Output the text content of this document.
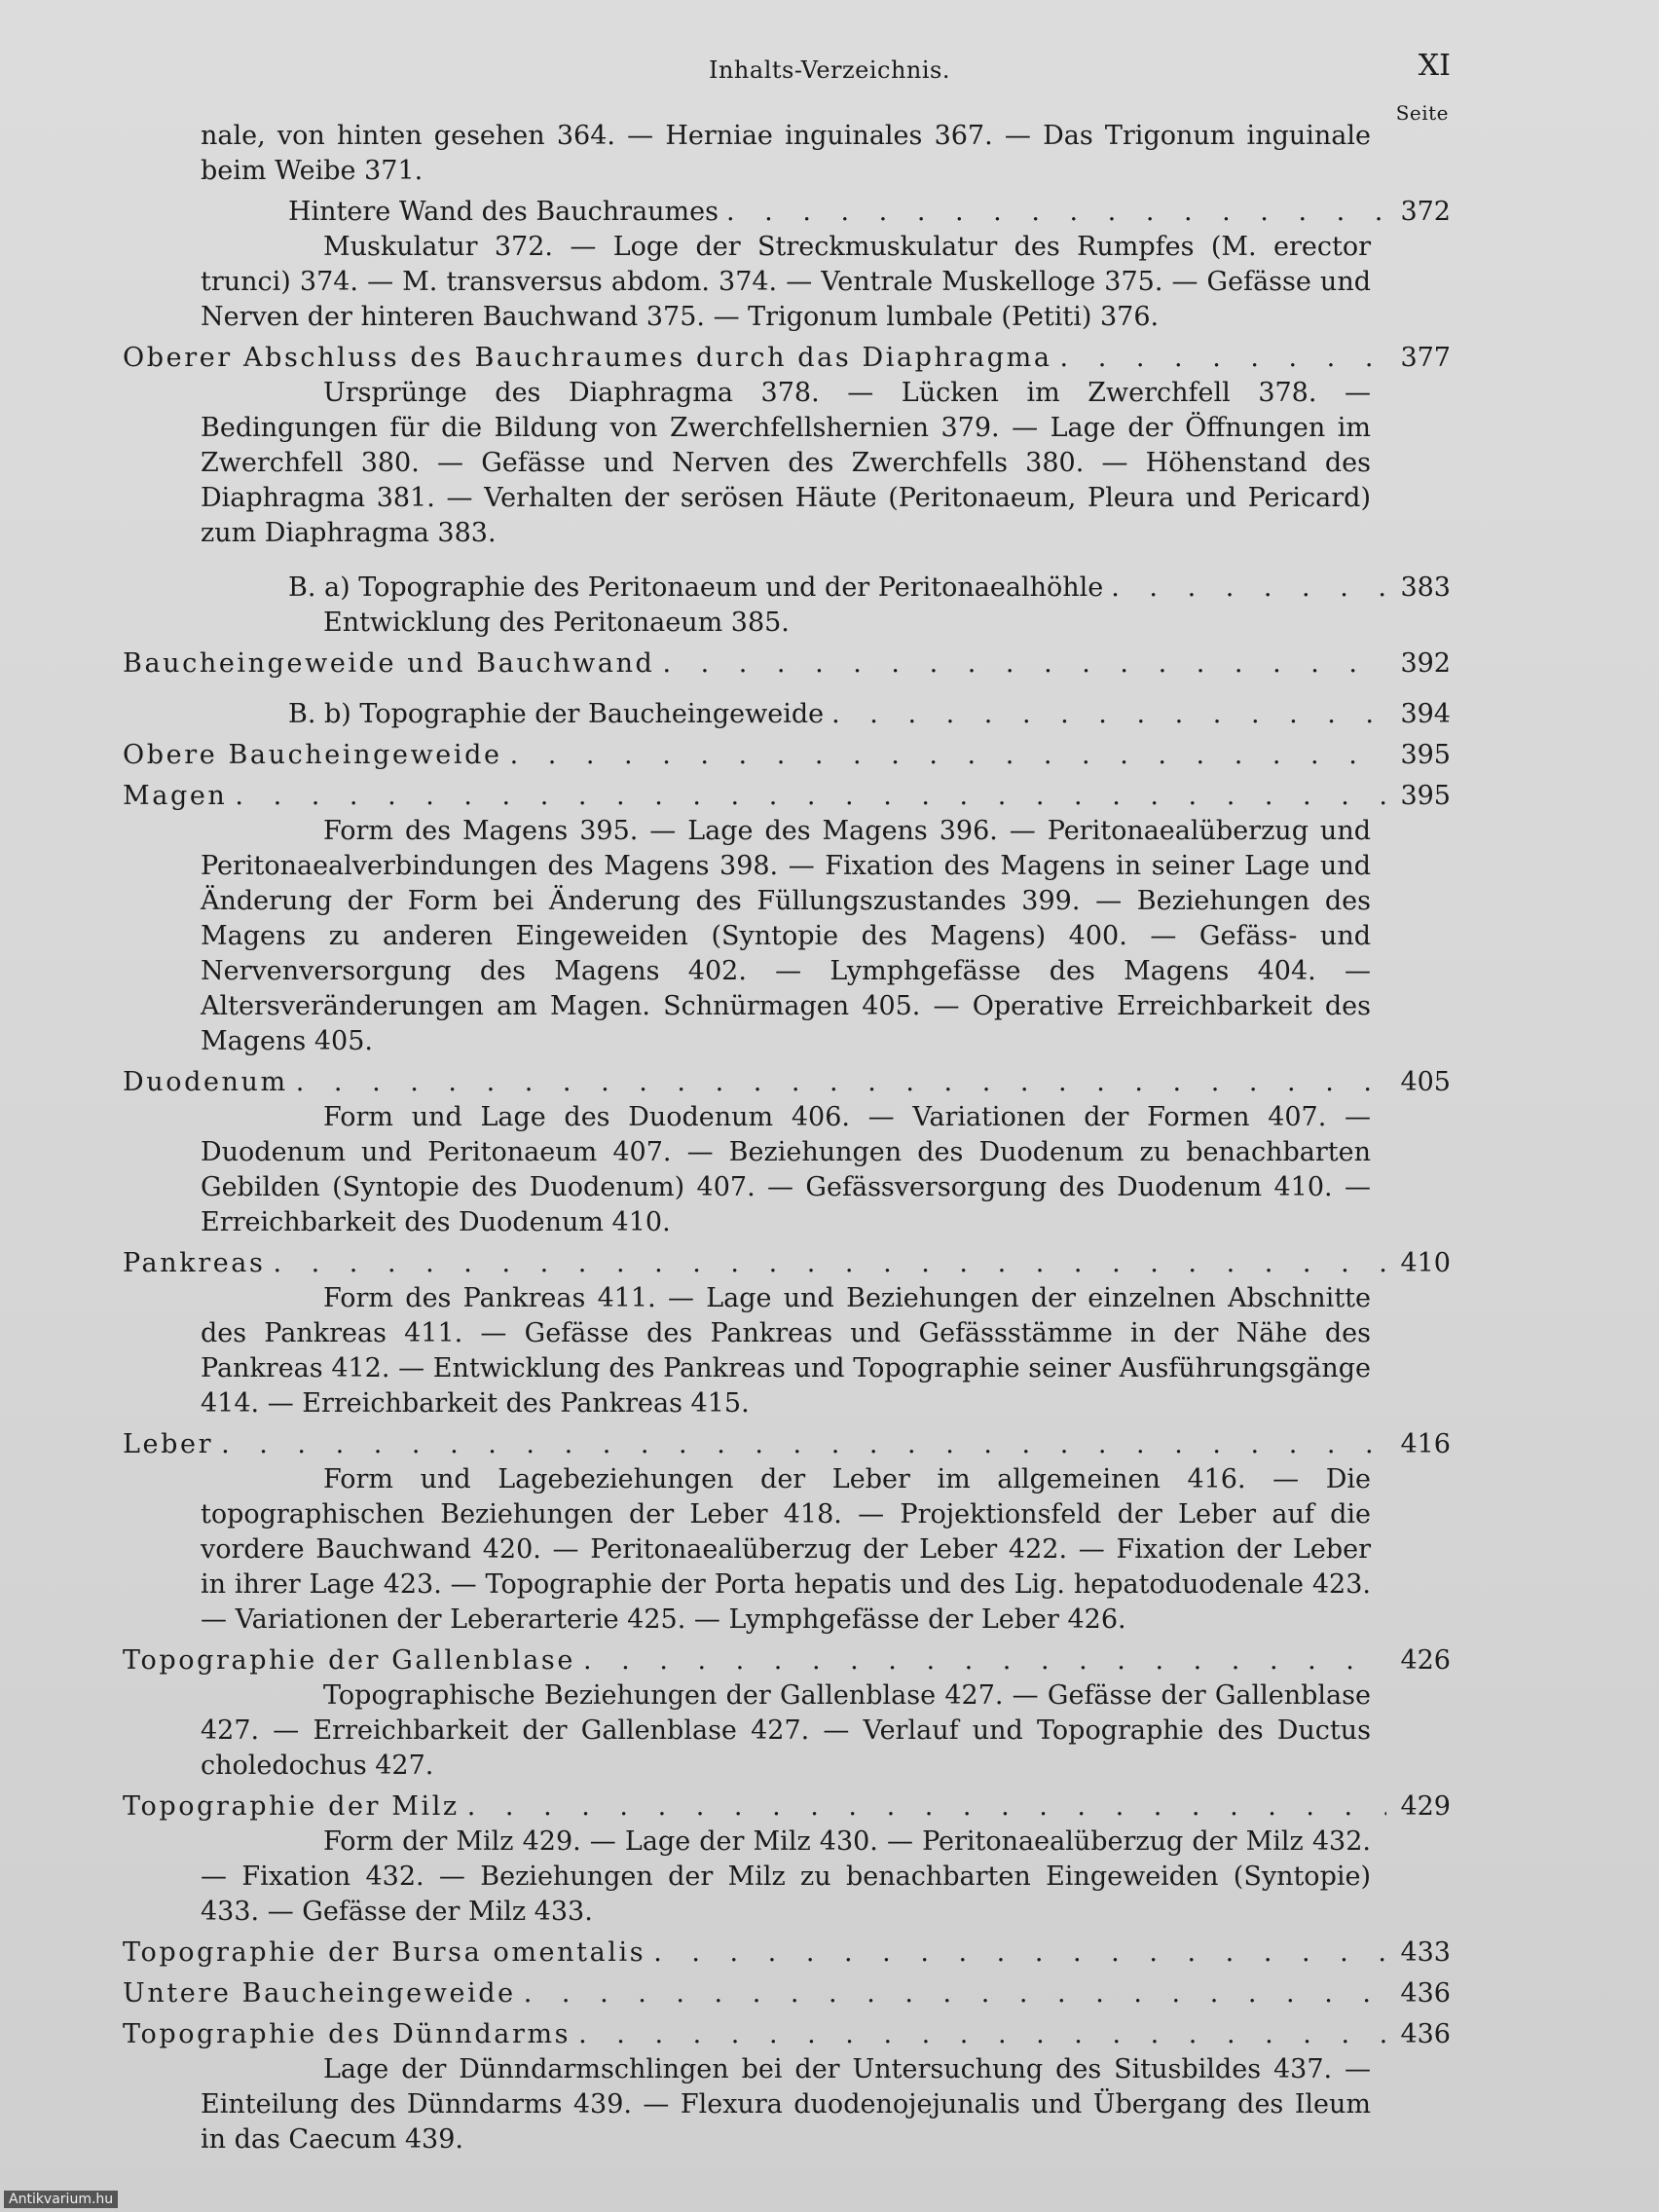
Inhalts-Verzeichnis.	XI
Seite
nale, von hinten gesehen 364. — Herniae inguinales 367. — Das Trigonum inguinale beim Weibe 371.
Hintere Wand des Bauchraumes . . .	372
Muskulatur 372. — Loge der Streckmuskulatur des Rumpfes (M. erector trunci) 374. — M. transversus abdom. 374. — Ventrale Muskelloge 375. — Gefässe und Nerven der hinteren Bauchwand 375. — Trigonum lumbale (Petiti) 376.
Oberer Abschluss des Bauchraumes durch das Diaphragma . . .	377
Ursprünge des Diaphragma 378. — Lücken im Zwerchfell 378. — Bedingungen für die Bildung von Zwerchfellshernien 379. — Lage der Öffnungen im Zwerchfell 380. — Gefässe und Nerven des Zwerchfells 380. — Höhenstand des Diaphragma 381. — Verhalten der serösen Häute (Peritonaeum, Pleura und Pericard) zum Diaphragma 383.
B. a) Topographie des Peritonaeum und der Peritonaealhöhle . . .	383
Entwicklung des Peritonaeum 385.
Baucheingeweide und Bauchwand . . .	392
B. b) Topographie der Baucheingeweide . . .	394
Obere Baucheingeweide . . .	395
Magen . . .	395
Form des Magens 395. — Lage des Magens 396. — Peritonaealüberzug und Peritonaealverbindungen des Magens 398. — Fixation des Magens in seiner Lage und Änderung der Form bei Änderung des Füllungszustandes 399. — Beziehungen des Magens zu anderen Eingeweiden (Syntopie des Magens) 400. — Gefäss- und Nervenversorgung des Magens 402. — Lymphgefässe des Magens 404. — Altersveränderungen am Magen. Schnürmagen 405. — Operative Erreichbarkeit des Magens 405.
Duodenum . . .	405
Form und Lage des Duodenum 406. — Variationen der Formen 407. — Duodenum und Peritonaeum 407. — Beziehungen des Duodenum zu benachbarten Gebilden (Syntopie des Duodenum) 407. — Gefässversorgung des Duodenum 410. — Erreichbarkeit des Duodenum 410.
Pankreas . . .	410
Form des Pankreas 411. — Lage und Beziehungen der einzelnen Abschnitte des Pankreas 411. — Gefässe des Pankreas und Gefässstämme in der Nähe des Pankreas 412. — Entwicklung des Pankreas und Topographie seiner Ausführungsgänge 414. — Erreichbarkeit des Pankreas 415.
Leber . . .	416
Form und Lagebeziehungen der Leber im allgemeinen 416. — Die topographischen Beziehungen der Leber 418. — Projektionsfeld der Leber auf die vordere Bauchwand 420. — Peritonaealüberzug der Leber 422. — Fixation der Leber in ihrer Lage 423. — Topographie der Porta hepatis und des Lig. hepatoduodenale 423. — Variationen der Leberarterie 425. — Lymphgefässe der Leber 426.
Topographie der Gallenblase . . .	426
Topographische Beziehungen der Gallenblase 427. — Gefässe der Gallenblase 427. — Erreichbarkeit der Gallenblase 427. — Verlauf und Topographie des Ductus choledochus 427.
Topographie der Milz . . .	429
Form der Milz 429. — Lage der Milz 430. — Peritonaealüberzug der Milz 432. — Fixation 432. — Beziehungen der Milz zu benachbarten Eingeweiden (Syntopie) 433. — Gefässe der Milz 433.
Topographie der Bursa omentalis . . .	433
Untere Baucheingeweide . . .	436
Topographie des Dünndarms . . .	436
Lage der Dünndarmschlingen bei der Untersuchung des Situsbildes 437. — Einteilung des Dünndarms 439. — Flexura duodenojejunalis und Übergang des Ileum in das Caecum 439.
Antikvarium.hu
